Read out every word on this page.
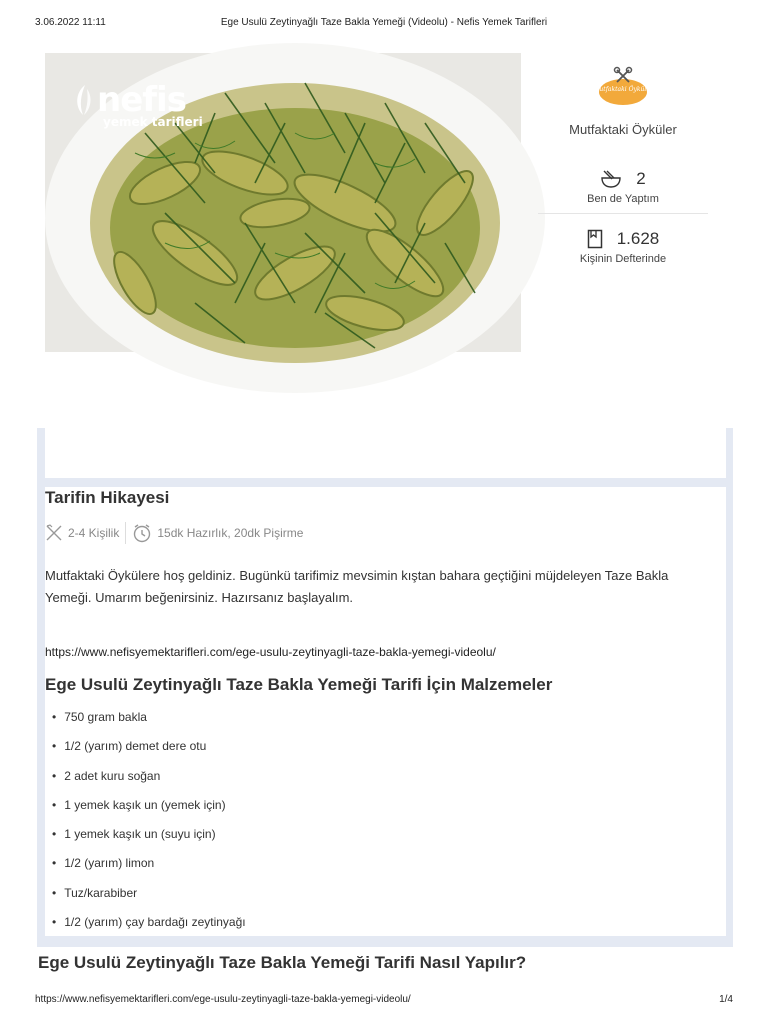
3.06.2022 11:11	Ege Usulü Zeytinyağlı Taze Bakla Yemeği (Videolu) - Nefis Yemek Tarifleri
nefis
yemek tarifleri
Mutfaktaki Öyküler
Mutfaktaki Öyküler
2
Ben de Yaptım
1.628
Kişinin Defterinde
Tarifin Hikayesi
2-4 Kişilik	15dk Hazırlık, 20dk Pişirme

Mutfaktaki Öykülere hoş geldiniz. Bugünkü tarifimiz mevsimin kıştan bahara geçtiğini müjdeleyen Taze Bakla Yemeği. Umarım beğenirsiniz. Hazırsanız başlayalım.

https://www.nefisyemektarifleri.com/ege-usulu-zeytinyagli-taze-bakla-yemegi-videolu/
Ege Usulü Zeytinyağlı Taze Bakla Yemeği Tarifi İçin Malzemeler
• 750 gram bakla
• 1/2 (yarım) demet dere otu
• 2 adet kuru soğan
• 1 yemek kaşık un (yemek için)
• 1 yemek kaşık un (suyu için)
• 1/2 (yarım) limon
• Tuz/karabiber
• 1/2 (yarım) çay bardağı zeytinyağı
Ege Usulü Zeytinyağlı Taze Bakla Yemeği Tarifi Nasıl Yapılır?
https://www.nefisyemektarifleri.com/ege-usulu-zeytinyagli-taze-bakla-yemegi-videolu/	1/4
